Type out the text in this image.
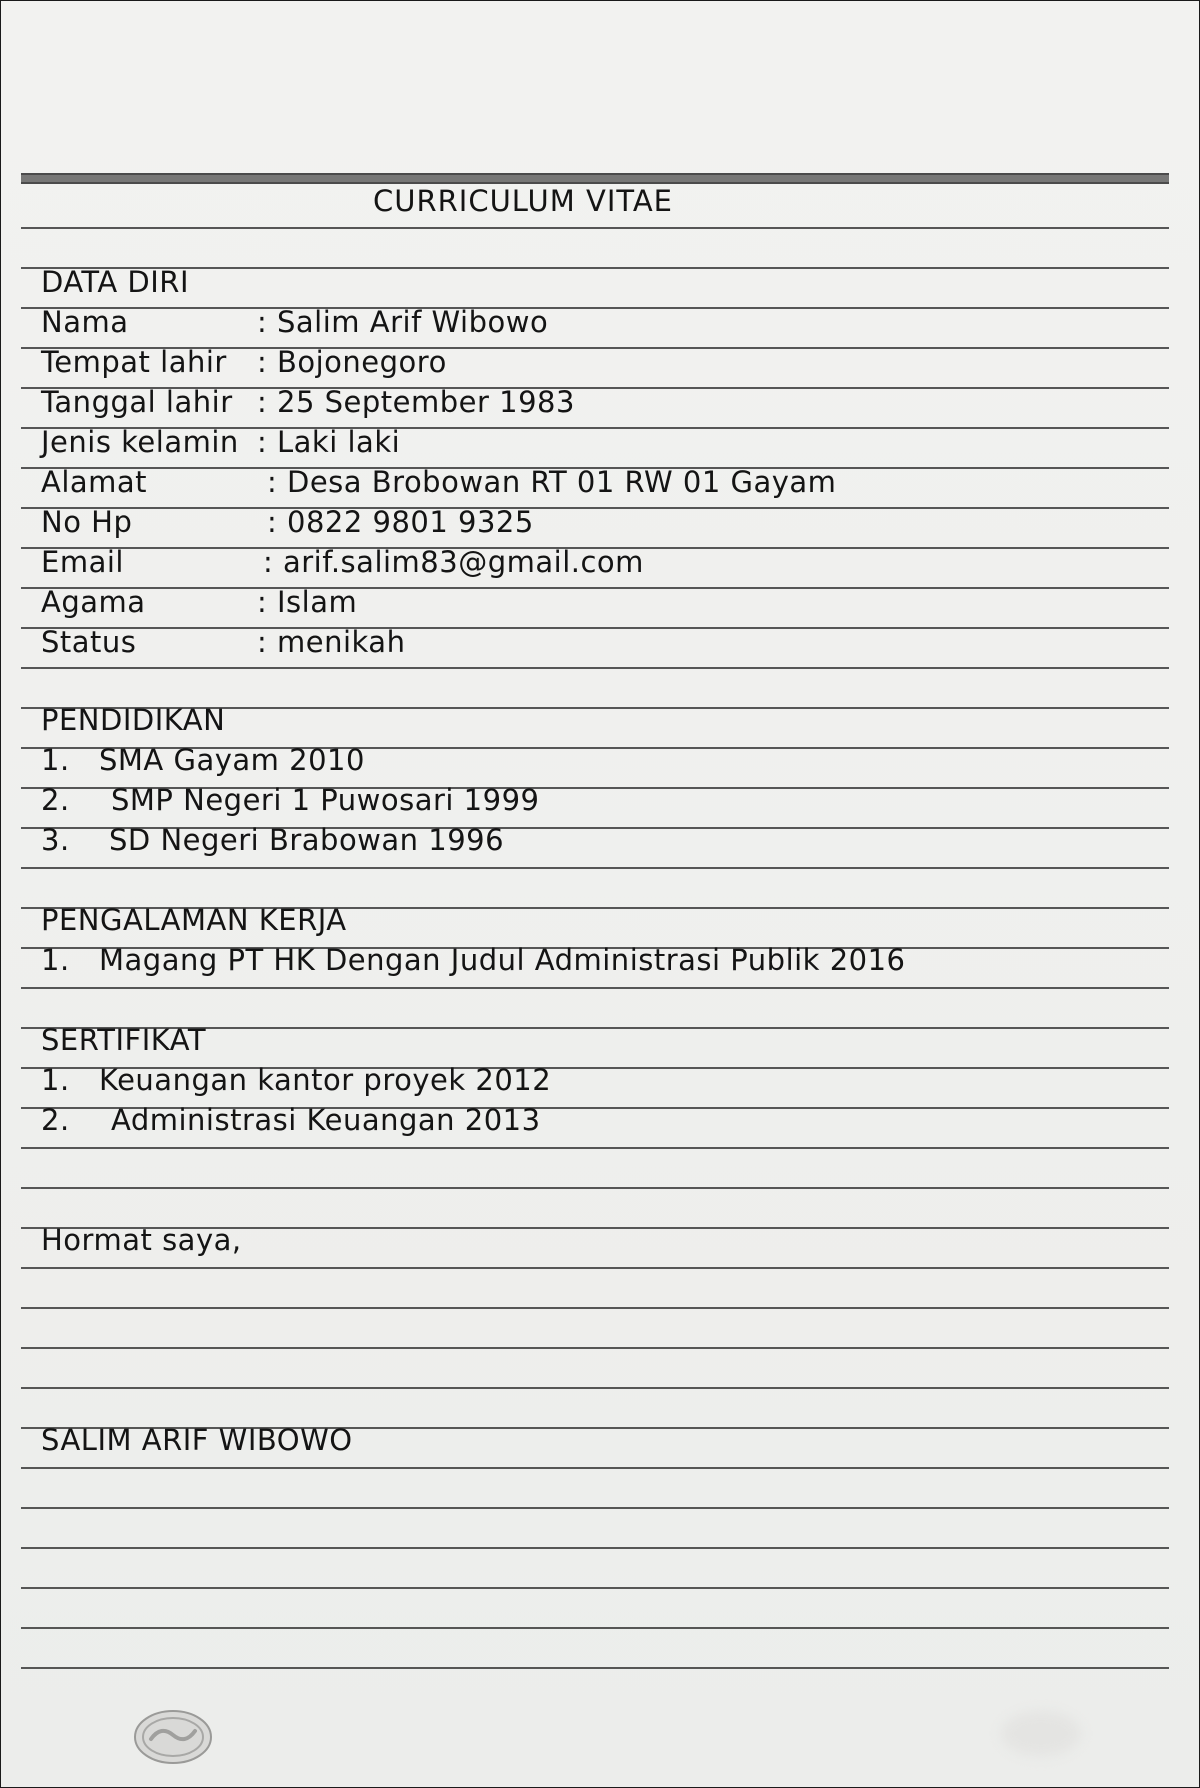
CURRICULUM VITAE

DATA DIRI

Nama	: Salim Arif Wibowo

Tempat lahir : Bojonegoro

Tanggal lahir : 25 September 1983

Jenis kelamin : Laki laki

Alamat	: Desa Brobowan RT 01 RW 01 Gayam

No Hp	: 0822 9801 9325

Email	: arif.salim83@gmail.com

Agama	: Islam

Status	: menikah

PENDIDIKAN

1. SMA Gayam 2010

2. SMP Negeri 1 Puwosari 1999

3. SD Negeri Brabowan 1996

PENGALAMAN KERJA

1. Magang PT HK Dengan Judul Administrasi Publik 2016

SERTIFIKAT

1. Keuangan kantor proyek 2012

2. Administrasi Keuangan 2013

Hormat saya,

SALIM ARIF WIBOWO
